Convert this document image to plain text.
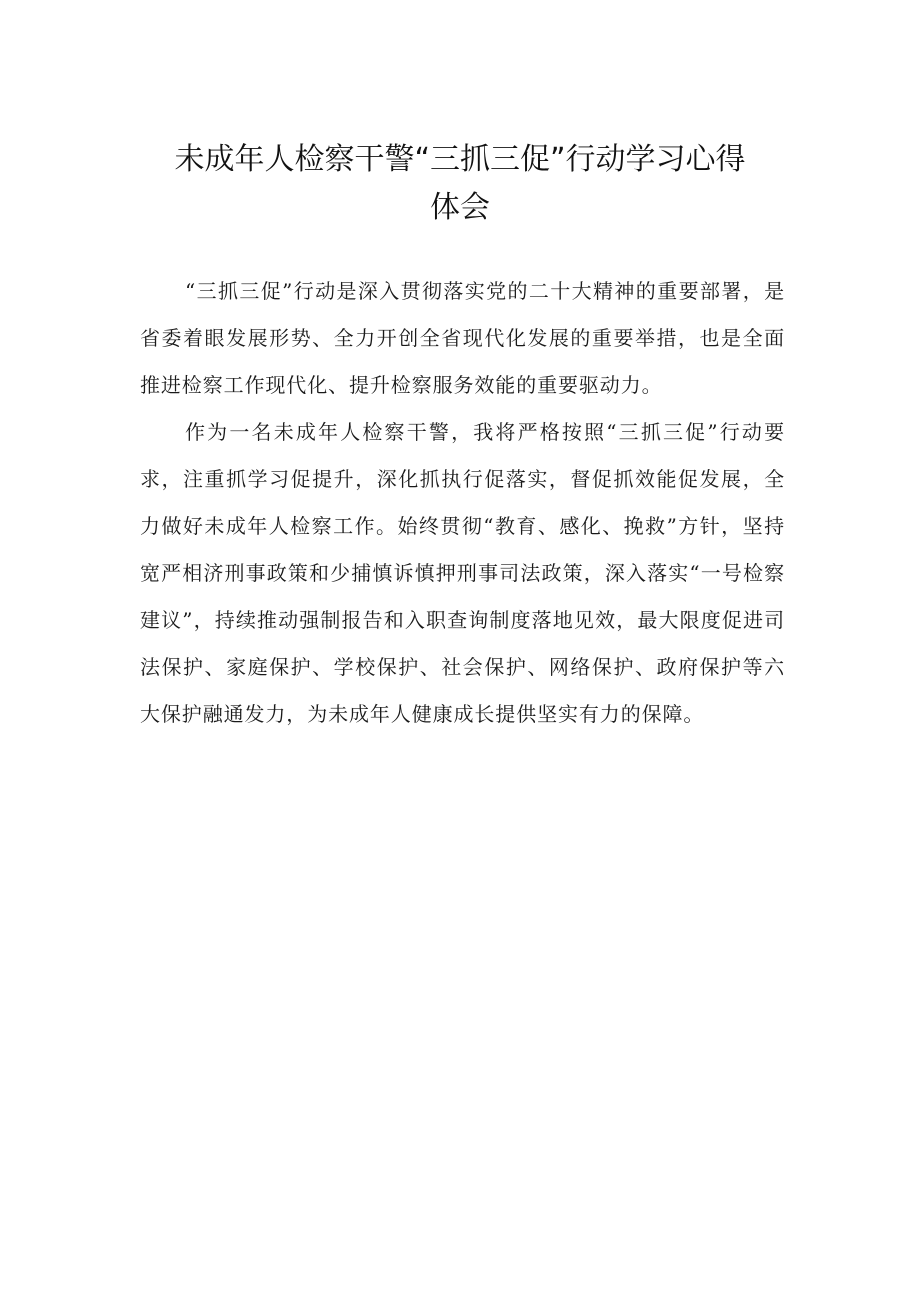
未成年人检察干警“三抓三促”行动学习心得
体会

“三抓三促”行动是深入贯彻落实党的二十大精神的重要部署，是省委着眼发展形势、全力开创全省现代化发展的重要举措，也是全面推进检察工作现代化、提升检察服务效能的重要驱动力。

作为一名未成年人检察干警，我将严格按照“三抓三促”行动要求，注重抓学习促提升，深化抓执行促落实，督促抓效能促发展，全力做好未成年人检察工作。始终贯彻“教育、感化、挽救”方针，坚持宽严相济刑事政策和少捕慎诉慎押刑事司法政策，深入落实“一号检察建议”，持续推动强制报告和入职查询制度落地见效，最大限度促进司法保护、家庭保护、学校保护、社会保护、网络保护、政府保护等六大保护融通发力，为未成年人健康成长提供坚实有力的保障。
